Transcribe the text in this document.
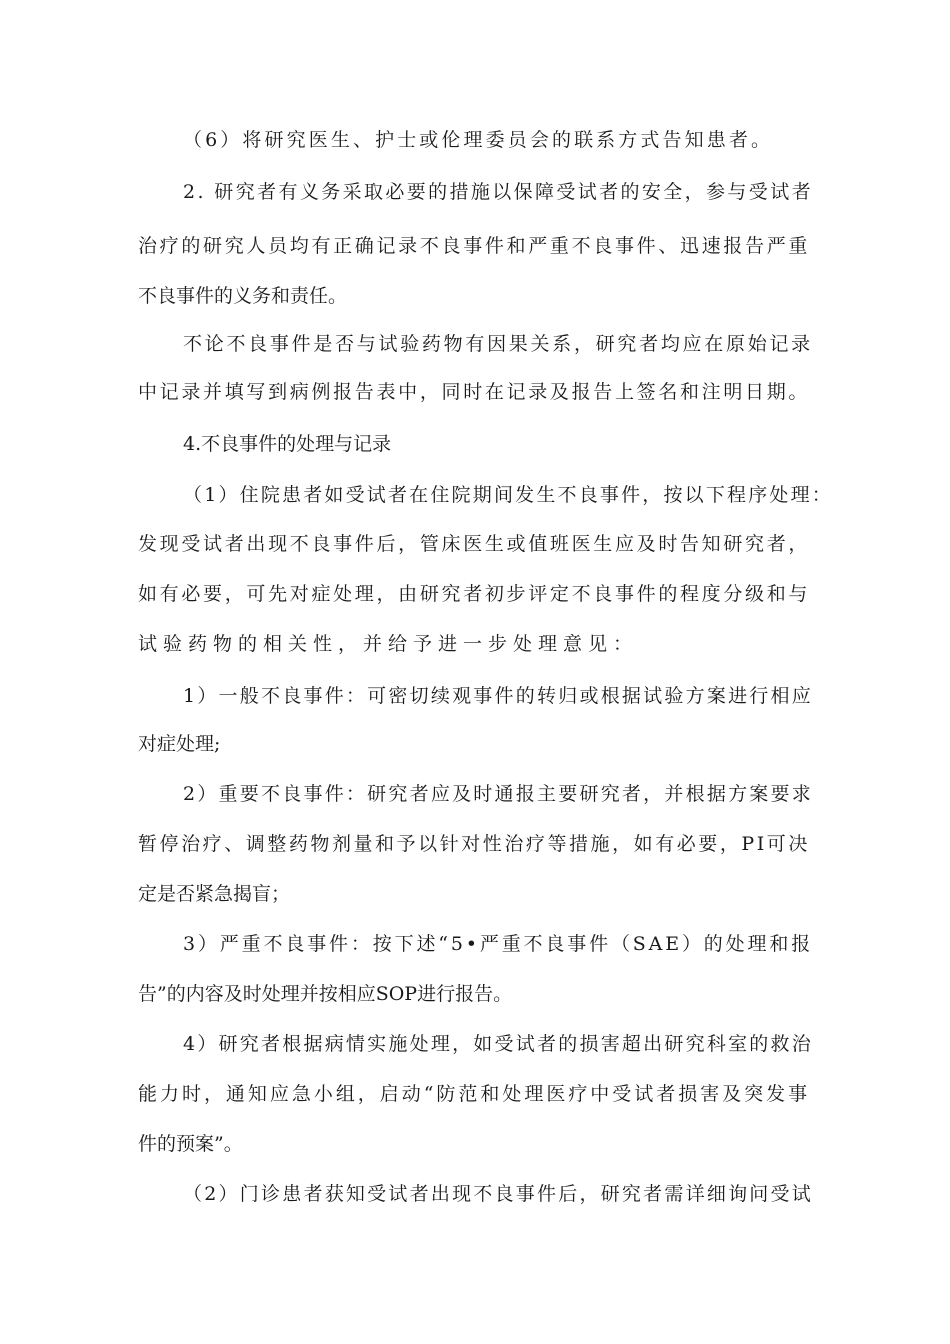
（6）将研究医生、护士或伦理委员会的联系方式告知患者。

2. 研究者有义务采取必要的措施以保障受试者的安全，参与受试者

治疗的研究人员均有正确记录不良事件和严重不良事件、迅速报告严重

不良事件的义务和责任。

不论不良事件是否与试验药物有因果关系，研究者均应在原始记录

中记录并填写到病例报告表中，同时在记录及报告上签名和注明日期。

4.不良事件的处理与记录

（1）住院患者如受试者在住院期间发生不良事件，按以下程序处理：

发现受试者出现不良事件后，管床医生或值班医生应及时告知研究者，

如有必要，可先对症处理，由研究者初步评定不良事件的程度分级和与

试验药物的相关性，并给予进一步处理意见：

1）一般不良事件：可密切续观事件的转归或根据试验方案进行相应

对症处理;

2）重要不良事件：研究者应及时通报主要研究者，并根据方案要求

暂停治疗、调整药物剂量和予以针对性治疗等措施，如有必要，PI可决

定是否紧急揭盲；

3）严重不良事件：按下述“5•严重不良事件（SAE）的处理和报

告”的内容及时处理并按相应SOP进行报告。

4）研究者根据病情实施处理，如受试者的损害超出研究科室的救治

能力时，通知应急小组，启动“防范和处理医疗中受试者损害及突发事

件的预案”。

（2）门诊患者获知受试者出现不良事件后，研究者需详细询问受试
